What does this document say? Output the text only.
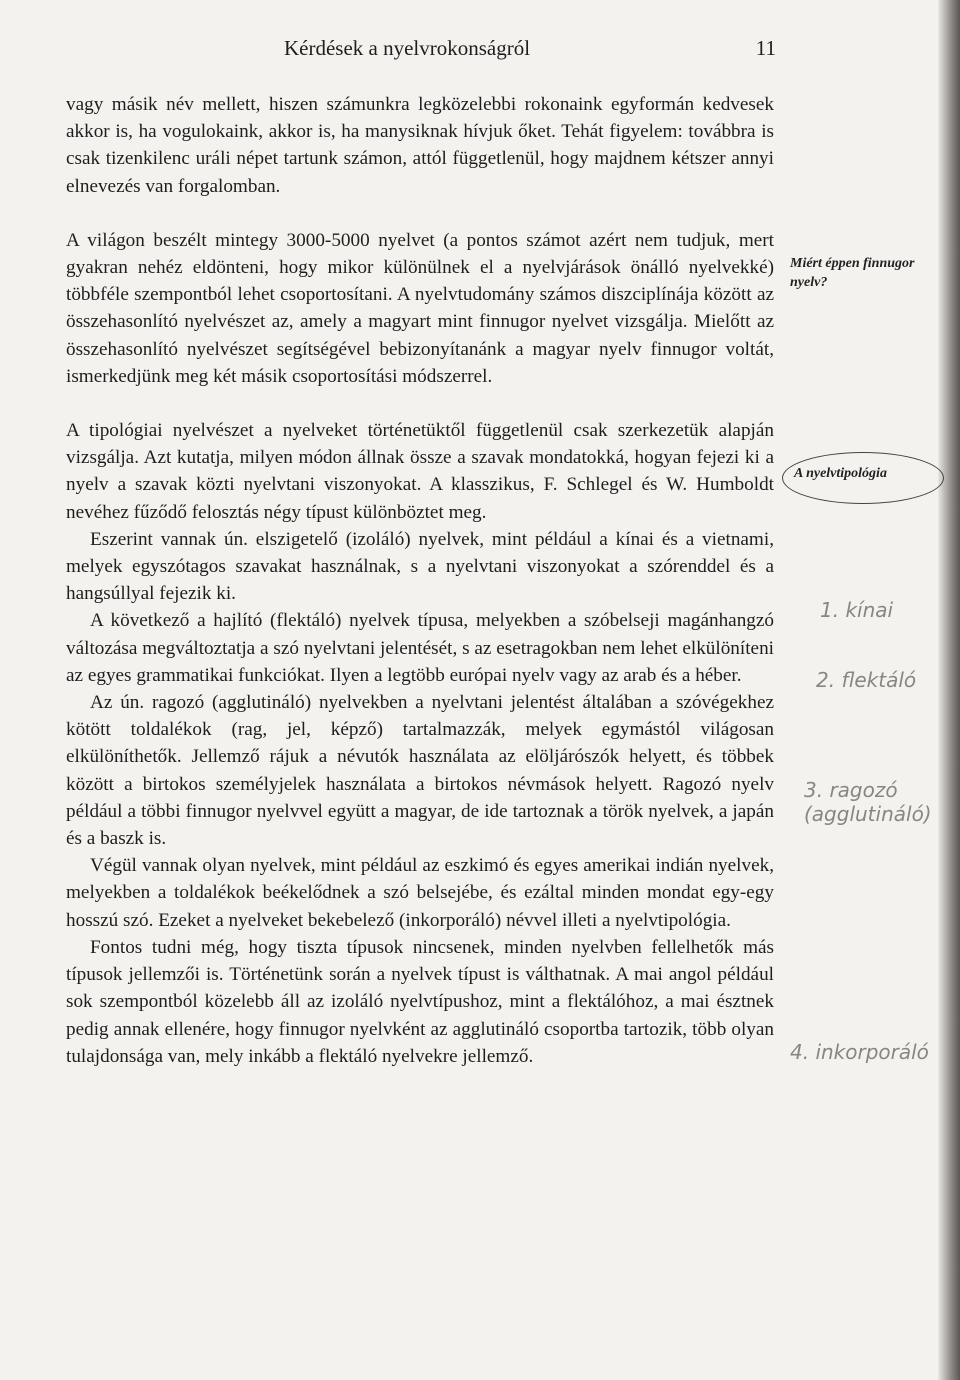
Kérdések a nyelvrokonságról	11

vagy másik név mellett, hiszen számunkra legközelebbi rokonaink egyformán kedvesek akkor is, ha vogulokaink, akkor is, ha manysiknak hívjuk őket. Tehát figyelem: továbbra is csak tizenkilenc uráli népet tartunk számon, attól függetlenül, hogy majdnem kétszer annyi elnevezés van forgalomban.

A világon beszélt mintegy 3000-5000 nyelvet (a pontos számot azért nem tudjuk, mert gyakran nehéz eldönteni, hogy mikor különülnek el a nyelvjárások önálló nyelvekké) többféle szempontból lehet csoportosítani. A nyelvtudomány számos diszciplínája között az összehasonlító nyelvészet az, amely a magyart mint finnugor nyelvet vizsgálja. Mielőtt az összehasonlító nyelvészet segítségével bebizonyítanánk a magyar nyelv finnugor voltát, ismerkedjünk meg két másik csoportosítási módszerrel.

A tipológiai nyelvészet a nyelveket történetüktől függetlenül csak szerkezetük alapján vizsgálja. Azt kutatja, milyen módon állnak össze a szavak mondatokká, hogyan fejezi ki a nyelv a szavak közti nyelvtani viszonyokat. A klasszikus, F. Schlegel és W. Humboldt nevéhez fűződő felosztás négy típust különböztet meg.

Eszerint vannak ún. elszigetelő (izoláló) nyelvek, mint például a kínai és a vietnami, melyek egyszótagos szavakat használnak, s a nyelvtani viszonyokat a szórenddel és a hangsúllyal fejezik ki.

A következő a hajlító (flektáló) nyelvek típusa, melyekben a szóbelseji magánhangzó változása megváltoztatja a szó nyelvtani jelentését, s az esetragokban nem lehet elkülöníteni az egyes grammatikai funkciókat. Ilyen a legtöbb európai nyelv vagy az arab és a héber.

Az ún. ragozó (agglutináló) nyelvekben a nyelvtani jelentést általában a szóvégekhez kötött toldalékok (rag, jel, képző) tartalmazzák, melyek egymástól világosan elkülöníthetők. Jellemző rájuk a névutók használata az elöljárószók helyett, és többek között a birtokos személyjelek használata a birtokos névmások helyett. Ragozó nyelv például a többi finnugor nyelvvel együtt a magyar, de ide tartoznak a török nyelvek, a japán és a baszk is.

Végül vannak olyan nyelvek, mint például az eszkimó és egyes amerikai indián nyelvek, melyekben a toldalékok beékelődnek a szó belsejébe, és ezáltal minden mondat egy-egy hosszú szó. Ezeket a nyelveket bekebelező (inkorporáló) névvel illeti a nyelvtipológia.

Fontos tudni még, hogy tiszta típusok nincsenek, minden nyelvben fellelhetők más típusok jellemzői is. Történetünk során a nyelvek típust is válthatnak. A mai angol például sok szempontból közelebb áll az izoláló nyelvtípushoz, mint a flektálóhoz, a mai észtnek pedig annak ellenére, hogy finnugor nyelvként az agglutináló csoportba tartozik, több olyan tulajdonsága van, mely inkább a flektáló nyelvekre jellemző.

Miért éppen finnugor nyelv?
A nyelvtipológia
1. kínai
2. flektáló
3. ragozó (agglutináló)
4. inkorporáló
